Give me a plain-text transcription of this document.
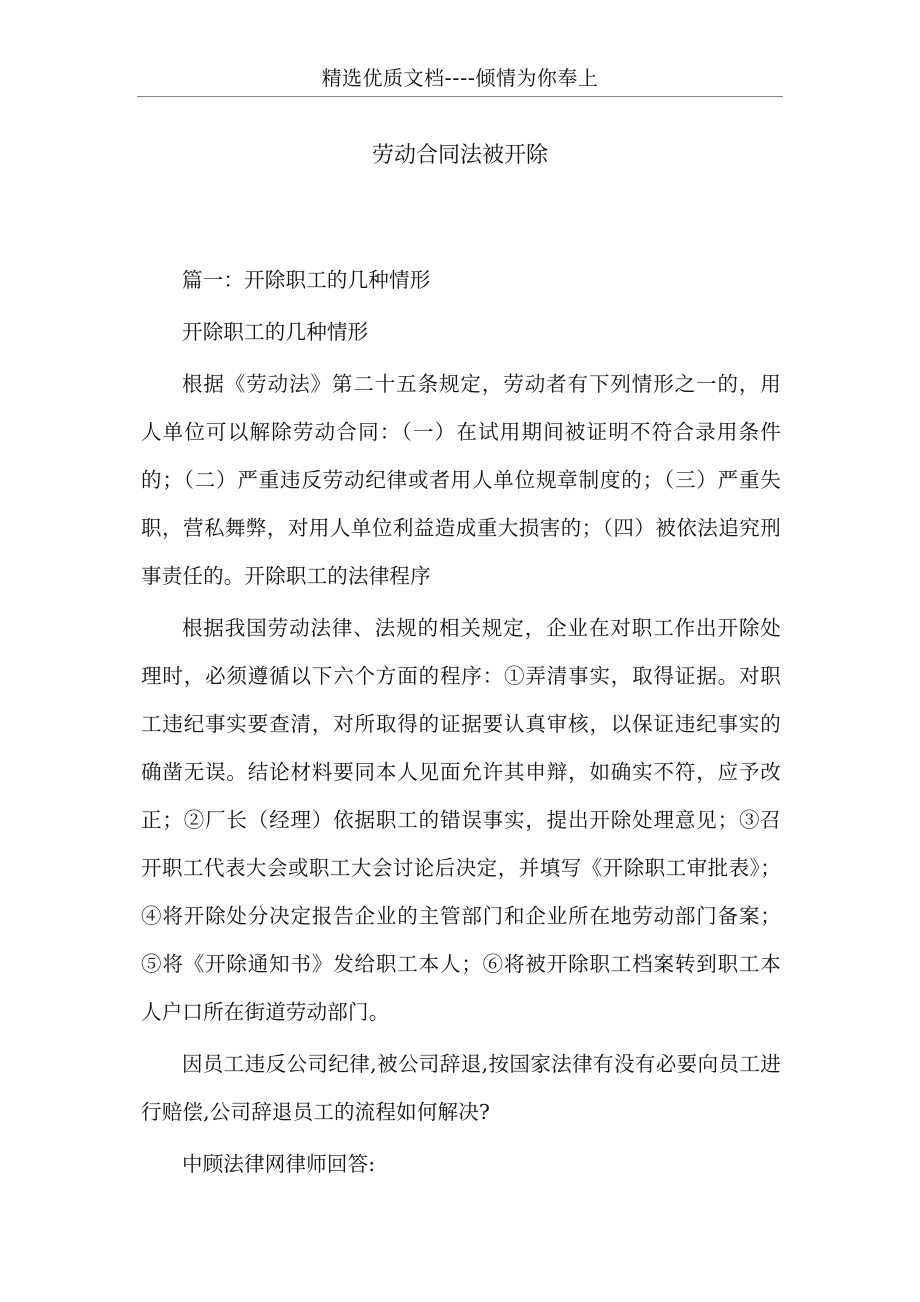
精选优质文档----倾情为你奉上
劳动合同法被开除

篇一：开除职工的几种情形

开除职工的几种情形

根据《劳动法》第二十五条规定，劳动者有下列情形之一的，用人单位可以解除劳动合同：（一）在试用期间被证明不符合录用条件的；（二）严重违反劳动纪律或者用人单位规章制度的；（三）严重失职，营私舞弊，对用人单位利益造成重大损害的；（四）被依法追究刑事责任的。开除职工的法律程序

根据我国劳动法律、法规的相关规定，企业在对职工作出开除处理时，必须遵循以下六个方面的程序：①弄清事实，取得证据。对职工违纪事实要查清，对所取得的证据要认真审核，以保证违纪事实的确凿无误。结论材料要同本人见面允许其申辩，如确实不符，应予改正；②厂长（经理）依据职工的错误事实，提出开除处理意见；③召开职工代表大会或职工大会讨论后决定，并填写《开除职工审批表》；④将开除处分决定报告企业的主管部门和企业所在地劳动部门备案；⑤将《开除通知书》发给职工本人；⑥将被开除职工档案转到职工本人户口所在街道劳动部门。

因员工违反公司纪律,被公司辞退,按国家法律有没有必要向员工进行赔偿,公司辞退员工的流程如何解决?

中顾法律网律师回答:
